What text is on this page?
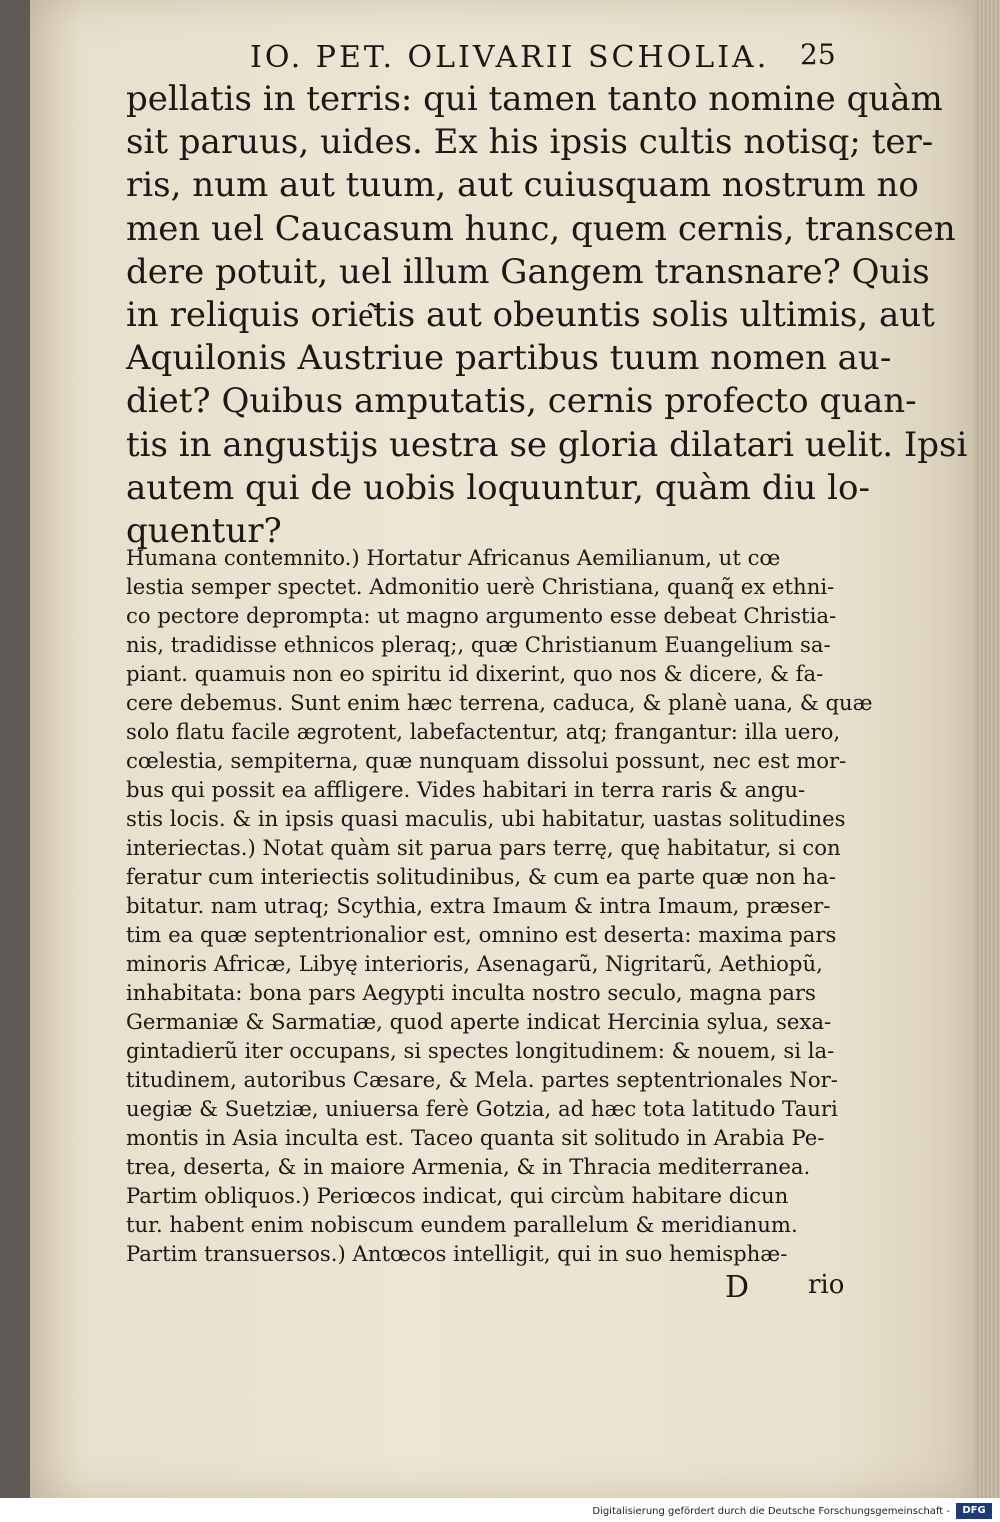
IO. PET. OLIVARII SCHOLIA.	25
pellatis in terris: qui tamen tanto nomine quàm
sit paruus, uides. Ex his ipsis cultis notisq; ter-
ris, num aut tuum, aut cuiusquam nostrum no
men uel Caucasum hunc, quem cernis, transcen
dere potuit, uel illum Gangem transnare? Quis
in reliquis orie͂tis aut obeuntis solis ultimis, aut
Aquilonis Austriue partibus tuum nomen au-
diet? Quibus amputatis, cernis profecto quan-
tis in angustijs uestra se gloria dilatari uelit. Ipsi
autem qui de uobis loquuntur, quàm diu lo-
quentur?
Humana contemnito.) Hortatur Africanus Aemilianum, ut cœ
lestia semper spectet. Admonitio uerè Christiana, quanq̃ ex ethni-
co pectore deprompta: ut magno argumento esse debeat Christia-
nis, tradidisse ethnicos pleraq;, quæ Christianum Euangelium sa-
piant. quamuis non eo spiritu id dixerint, quo nos & dicere, & fa-
cere debemus. Sunt enim hæc terrena, caduca, & planè uana, & quæ
solo flatu facile ægrotent, labefactentur, atq; frangantur: illa uero,
cœlestia, sempiterna, quæ nunquam dissolui possunt, nec est mor-
bus qui possit ea affligere. Vides habitari in terra raris & angu-
stis locis. & in ipsis quasi maculis, ubi habitatur, uastas solitudines
interiectas.) Notat quàm sit parua pars terrę, quę habitatur, si con
feratur cum interiectis solitudinibus, & cum ea parte quæ non ha-
bitatur. nam utraq; Scythia, extra Imaum & intra Imaum, præser-
tim ea quæ septentrionalior est, omnino est deserta: maxima pars
minoris Africæ, Libyę interioris, Asenagarũ, Nigritarũ, Aethiopũ,
inhabitata: bona pars Aegypti inculta nostro seculo, magna pars
Germaniæ & Sarmatiæ, quod aperte indicat Hercinia sylua, sexa-
gintadierũ iter occupans, si spectes longitudinem: & nouem, si la-
titudinem, autoribus Cæsare, & Mela. partes septentrionales Nor-
uegiæ & Suetziæ, uniuersa ferè Gotzia, ad hæc tota latitudo Tauri
montis in Asia inculta est. Taceo quanta sit solitudo in Arabia Pe-
trea, deserta, & in maiore Armenia, & in Thracia mediterranea.
Partim obliquos.) Periœcos indicat, qui circùm habitare dicun
tur. habent enim nobiscum eundem parallelum & meridianum.
Partim transuersos.) Antœcos intelligit, qui in suo hemisphæ-
D rio
Digitalisierung gefördert durch die Deutsche Forschungsgemeinschaft -	DFG
